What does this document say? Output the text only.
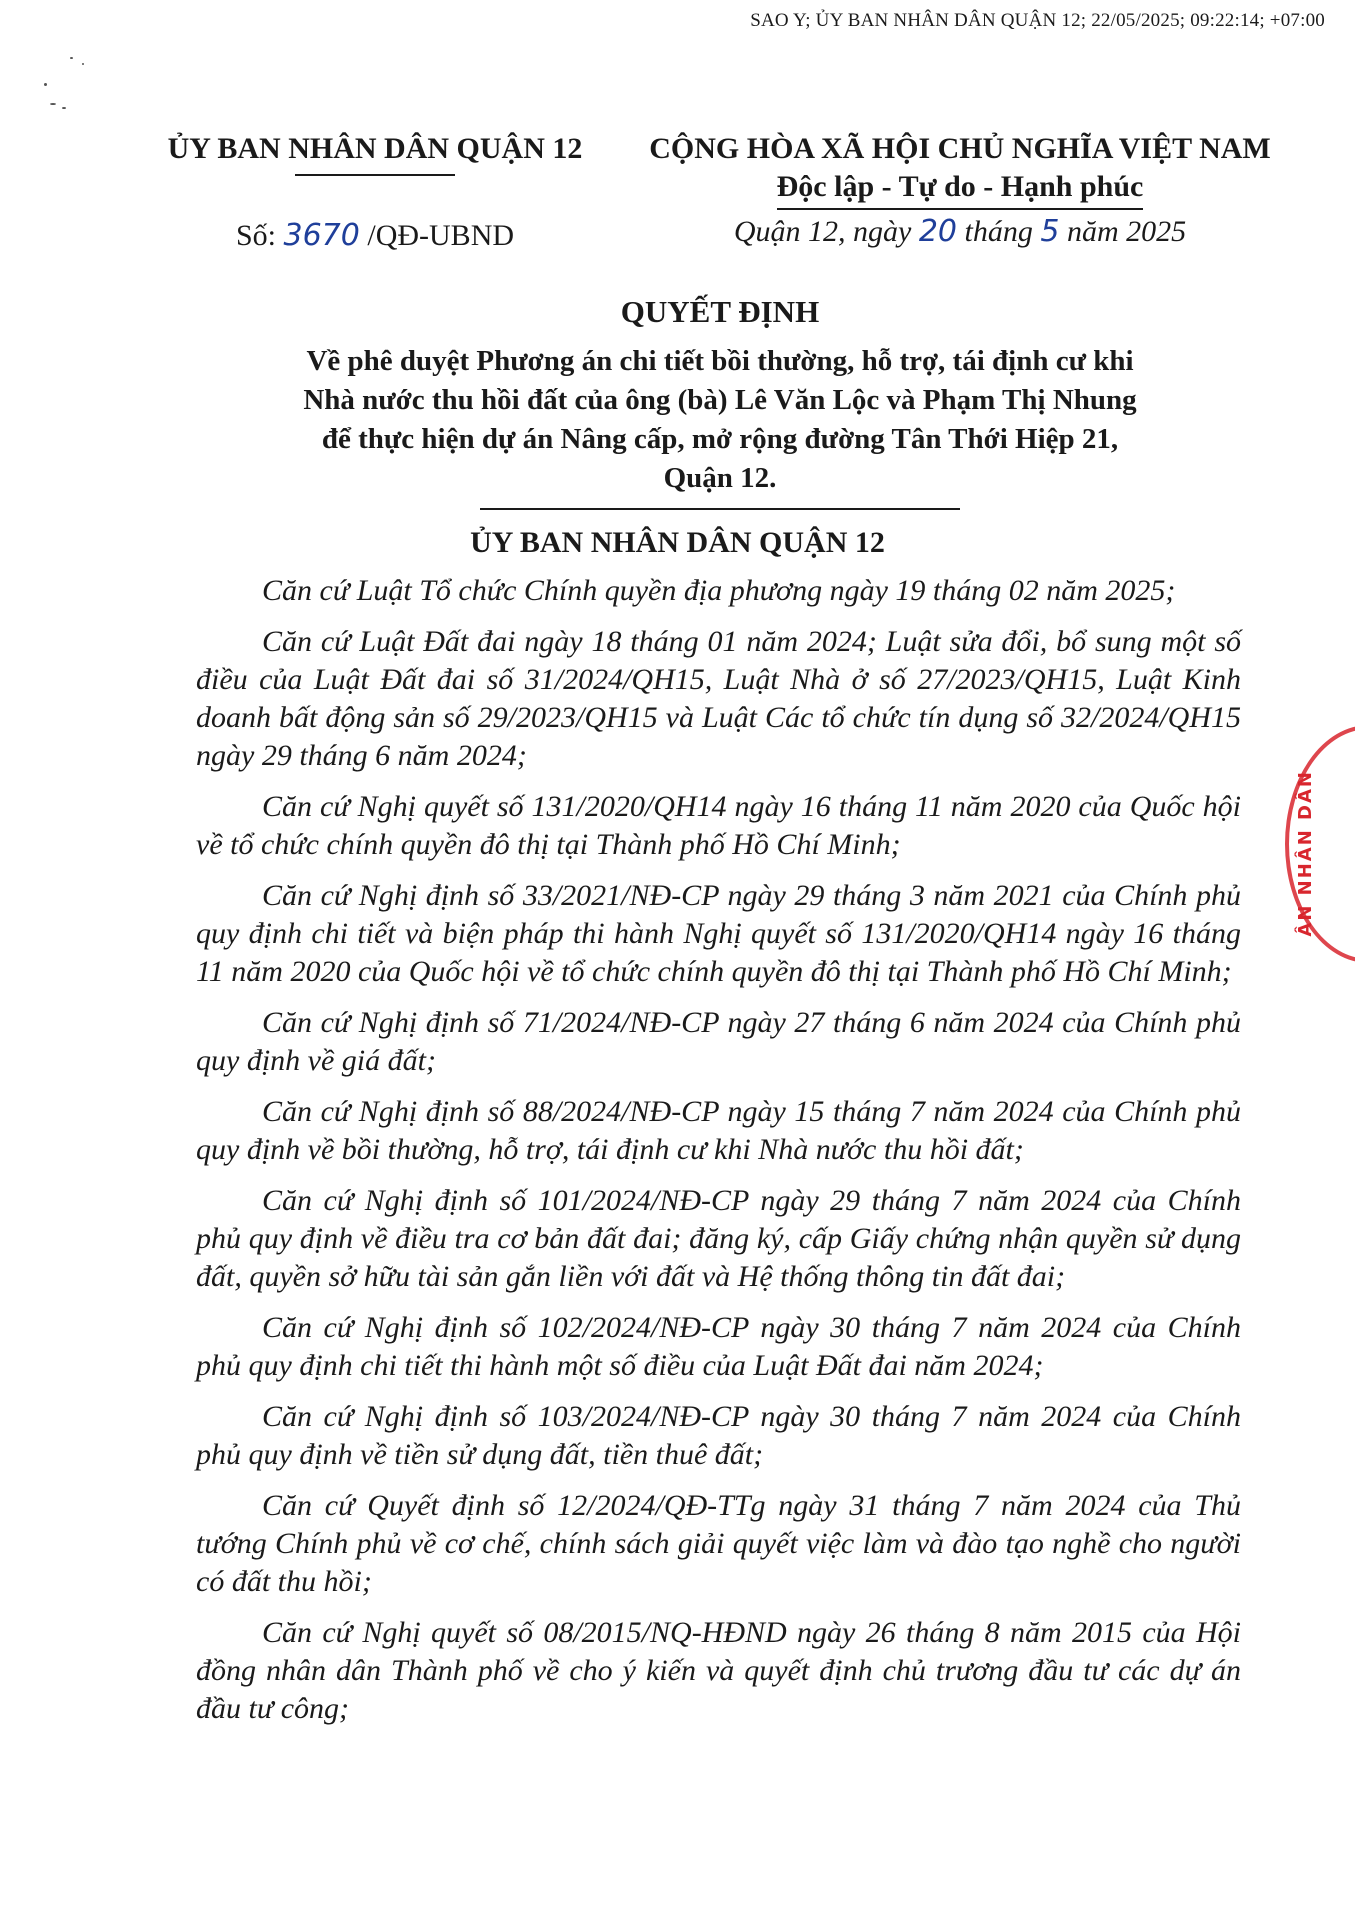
SAO Y; ỦY BAN NHÂN DÂN QUẬN 12; 22/05/2025; 09:22:14; +07:00
ỦY BAN NHÂN DÂN QUẬN 12	CỘNG HÒA XÃ HỘI CHỦ NGHĨA VIỆT NAM
Độc lập - Tự do - Hạnh phúc
Số: 3670 /QĐ-UBND	Quận 12, ngày 20 tháng 5 năm 2025
QUYẾT ĐỊNH
Về phê duyệt Phương án chi tiết bồi thường, hỗ trợ, tái định cư khi
Nhà nước thu hồi đất của ông (bà) Lê Văn Lộc và Phạm Thị Nhung
để thực hiện dự án Nâng cấp, mở rộng đường Tân Thới Hiệp 21,
Quận 12.
ỦY BAN NHÂN DÂN QUẬN 12

Căn cứ Luật Tổ chức Chính quyền địa phương ngày 19 tháng 02 năm 2025;

Căn cứ Luật Đất đai ngày 18 tháng 01 năm 2024; Luật sửa đổi, bổ sung một số điều của Luật Đất đai số 31/2024/QH15, Luật Nhà ở số 27/2023/QH15, Luật Kinh doanh bất động sản số 29/2023/QH15 và Luật Các tổ chức tín dụng số 32/2024/QH15 ngày 29 tháng 6 năm 2024;

Căn cứ Nghị quyết số 131/2020/QH14 ngày 16 tháng 11 năm 2020 của Quốc hội về tổ chức chính quyền đô thị tại Thành phố Hồ Chí Minh;

Căn cứ Nghị định số 33/2021/NĐ-CP ngày 29 tháng 3 năm 2021 của Chính phủ quy định chi tiết và biện pháp thi hành Nghị quyết số 131/2020/QH14 ngày 16 tháng 11 năm 2020 của Quốc hội về tổ chức chính quyền đô thị tại Thành phố Hồ Chí Minh;

Căn cứ Nghị định số 71/2024/NĐ-CP ngày 27 tháng 6 năm 2024 của Chính phủ quy định về giá đất;

Căn cứ Nghị định số 88/2024/NĐ-CP ngày 15 tháng 7 năm 2024 của Chính phủ quy định về bồi thường, hỗ trợ, tái định cư khi Nhà nước thu hồi đất;

Căn cứ Nghị định số 101/2024/NĐ-CP ngày 29 tháng 7 năm 2024 của Chính phủ quy định về điều tra cơ bản đất đai; đăng ký, cấp Giấy chứng nhận quyền sử dụng đất, quyền sở hữu tài sản gắn liền với đất và Hệ thống thông tin đất đai;

Căn cứ Nghị định số 102/2024/NĐ-CP ngày 30 tháng 7 năm 2024 của Chính phủ quy định chi tiết thi hành một số điều của Luật Đất đai năm 2024;

Căn cứ Nghị định số 103/2024/NĐ-CP ngày 30 tháng 7 năm 2024 của Chính phủ quy định về tiền sử dụng đất, tiền thuê đất;

Căn cứ Quyết định số 12/2024/QĐ-TTg ngày 31 tháng 7 năm 2024 của Thủ tướng Chính phủ về cơ chế, chính sách giải quyết việc làm và đào tạo nghề cho người có đất thu hồi;

Căn cứ Nghị quyết số 08/2015/NQ-HĐND ngày 26 tháng 8 năm 2015 của Hội đồng nhân dân Thành phố về cho ý kiến và quyết định chủ trương đầu tư các dự án đầu tư công;

ÂN NHÂN DÂN
